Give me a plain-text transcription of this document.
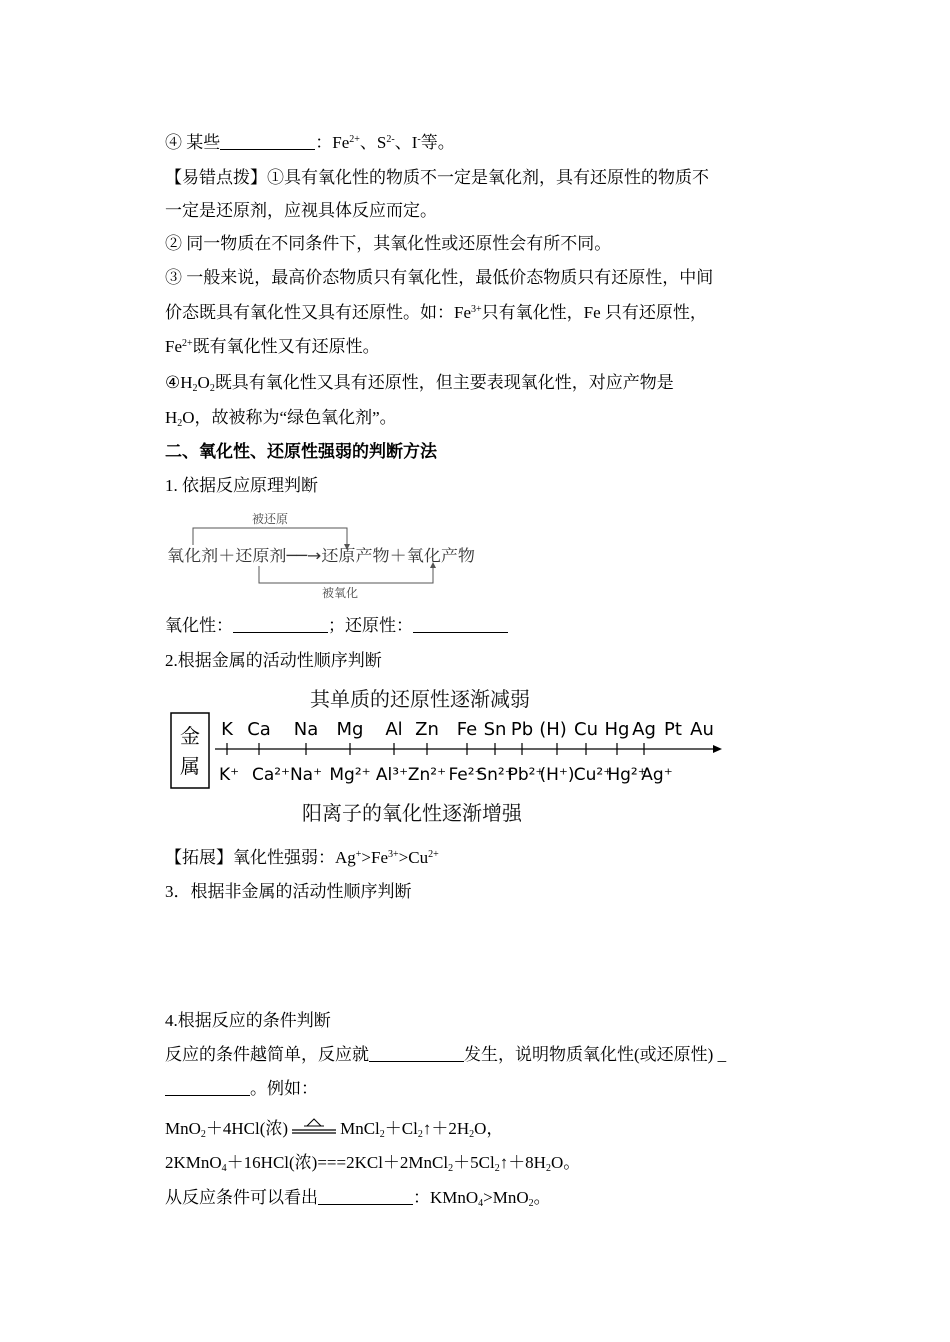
④ 某些	：$Fe^{2+}$、$S^{2-}$、I-等。
【易错点拨】①具有氧化性的物质不一定是氧化剂，具有还原性的物质不
一定是还原剂，应视具体反应而定。
② 同一物质在不同条件下，其氧化性或还原性会有所不同。
③ 一般来说，最高价态物质只有氧化性，最低价态物质只有还原性，中间
价态既具有氧化性又具有还原性。如：$Fe^{3+}$只有氧化性，Fe 只有还原性，
$Fe^{2+}$既有氧化性又有还原性。
$④H_2O_2$既具有氧化性又具有还原性，但主要表现氧化性，对应产物是
$H_2O$，故被称为“绿色氧化剂”。
二、氧化性、还原性强弱的判断方法
1. 依据反应原理判断
被还原
被氧化
氧化剂＋还原剂──→还原产物＋氧化产物
氧化性：	；还原性：
2.根据金属的活动性顺序判断
其单质的还原性逐渐减弱
金
属
K Ca Na Mg Al Zn Fe Sn Pb (H) Cu Hg Ag Pt Au
K⁺ Ca²⁺ Na⁺ Mg²⁺ Al³⁺ Zn²⁺ Fe²⁺
Sn²⁺
Pb²⁺
(H⁺) Cu²⁺
Hg²⁺
Ag⁺
阳离子的氧化性逐渐增强
【拓展】氧化性强弱：$Ag^+>Fe^{3+}>Cu^{2+}$
3．根据非金属的活动性顺序判断
4.根据反应的条件判断
反应的条件越简单，反应就	发生，说明物质氧化性(或还原性) _
。例如：
MnO$_2$＋4HCl(浓)	$MnCl_2+Cl_2↑+2H_2O$，
2KMnO$_4$＋16HCl(浓)$===2KCl+2MnCl_2+5Cl_2↑+8H_2O$。
从反应条件可以看出	：KMnO$_4$>MnO$_2$。
